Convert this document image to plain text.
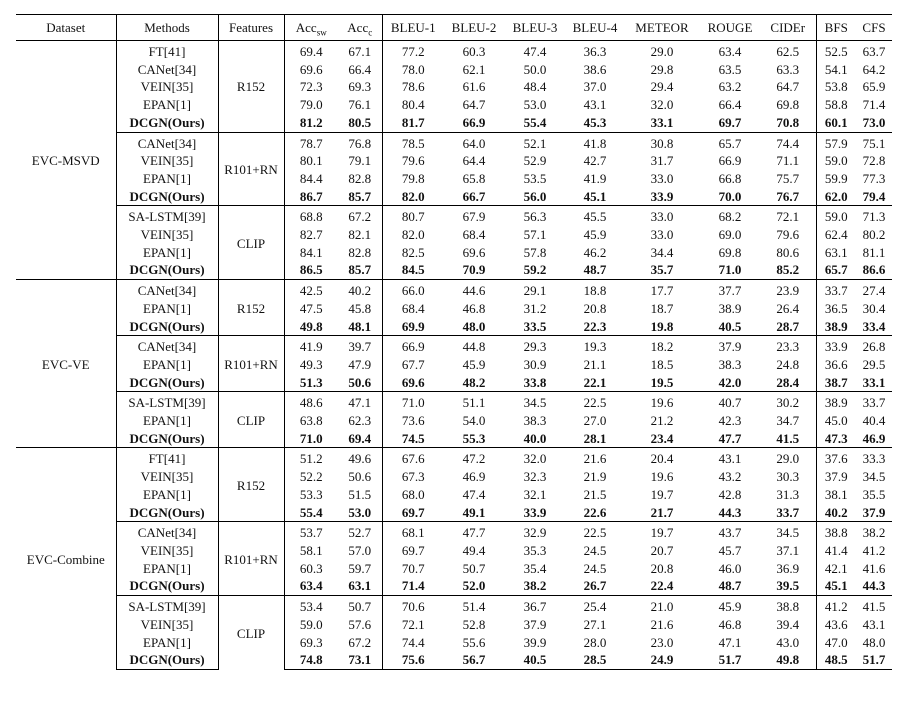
Dataset	Methods	Features	Acc$_{sw}$	Acc$_c$	BLEU-1	BLEU-2	BLEU-3	BLEU-4	METEOR	ROUGE	CIDEr	BFS	CFS
EVC-MSVD	FT[41]	R152	69.4	67.1	77.2	60.3	47.4	36.3	29.0	63.4	62.5	52.5	63.7
	CANet[34]		69.6	66.4	78.0	62.1	50.0	38.6	29.8	63.5	63.3	54.1	64.2
	VEIN[35]		72.3	69.3	78.6	61.6	48.4	37.0	29.4	63.2	64.7	53.8	65.9
	EPAN[1]		79.0	76.1	80.4	64.7	53.0	43.1	32.0	66.4	69.8	58.8	71.4
	DCGN(Ours)		81.2	80.5	81.7	66.9	55.4	45.3	33.1	69.7	70.8	60.1	73.0
	CANet[34]	R101+RN	78.7	76.8	78.5	64.0	52.1	41.8	30.8	65.7	74.4	57.9	75.1
	VEIN[35]		80.1	79.1	79.6	64.4	52.9	42.7	31.7	66.9	71.1	59.0	72.8
	EPAN[1]		84.4	82.8	79.8	65.8	53.5	41.9	33.0	66.8	75.7	59.9	77.3
	DCGN(Ours)		86.7	85.7	82.0	66.7	56.0	45.1	33.9	70.0	76.7	62.0	79.4
	SA-LSTM[39]	CLIP	68.8	67.2	80.7	67.9	56.3	45.5	33.0	68.2	72.1	59.0	71.3
	VEIN[35]		82.7	82.1	82.0	68.4	57.1	45.9	33.0	69.0	79.6	62.4	80.2
	EPAN[1]		84.1	82.8	82.5	69.6	57.8	46.2	34.4	69.8	80.6	63.1	81.1
	DCGN(Ours)		86.5	85.7	84.5	70.9	59.2	48.7	35.7	71.0	85.2	65.7	86.6
EVC-VE	CANet[34]	R152	42.5	40.2	66.0	44.6	29.1	18.8	17.7	37.7	23.9	33.7	27.4
	EPAN[1]		47.5	45.8	68.4	46.8	31.2	20.8	18.7	38.9	26.4	36.5	30.4
	DCGN(Ours)		49.8	48.1	69.9	48.0	33.5	22.3	19.8	40.5	28.7	38.9	33.4
	CANet[34]	R101+RN	41.9	39.7	66.9	44.8	29.3	19.3	18.2	37.9	23.3	33.9	26.8
	EPAN[1]		49.3	47.9	67.7	45.9	30.9	21.1	18.5	38.3	24.8	36.6	29.5
	DCGN(Ours)		51.3	50.6	69.6	48.2	33.8	22.1	19.5	42.0	28.4	38.7	33.1
	SA-LSTM[39]	CLIP	48.6	47.1	71.0	51.1	34.5	22.5	19.6	40.7	30.2	38.9	33.7
	EPAN[1]		63.8	62.3	73.6	54.0	38.3	27.0	21.2	42.3	34.7	45.0	40.4
	DCGN(Ours)		71.0	69.4	74.5	55.3	40.0	28.1	23.4	47.7	41.5	47.3	46.9
EVC-Combine	FT[41]	R152	51.2	49.6	67.6	47.2	32.0	21.6	20.4	43.1	29.0	37.6	33.3
	VEIN[35]		52.2	50.6	67.3	46.9	32.3	21.9	19.6	43.2	30.3	37.9	34.5
	EPAN[1]		53.3	51.5	68.0	47.4	32.1	21.5	19.7	42.8	31.3	38.1	35.5
	DCGN(Ours)		55.4	53.0	69.7	49.1	33.9	22.6	21.7	44.3	33.7	40.2	37.9
	CANet[34]	R101+RN	53.7	52.7	68.1	47.7	32.9	22.5	19.7	43.7	34.5	38.8	38.2
	VEIN[35]		58.1	57.0	69.7	49.4	35.3	24.5	20.7	45.7	37.1	41.4	41.2
	EPAN[1]		60.3	59.7	70.7	50.7	35.4	24.5	20.8	46.0	36.9	42.1	41.6
	DCGN(Ours)		63.4	63.1	71.4	52.0	38.2	26.7	22.4	48.7	39.5	45.1	44.3
	SA-LSTM[39]	CLIP	53.4	50.7	70.6	51.4	36.7	25.4	21.0	45.9	38.8	41.2	41.5
	VEIN[35]		59.0	57.6	72.1	52.8	37.9	27.1	21.6	46.8	39.4	43.6	43.1
	EPAN[1]		69.3	67.2	74.4	55.6	39.9	28.0	23.0	47.1	43.0	47.0	48.0
	DCGN(Ours)		74.8	73.1	75.6	56.7	40.5	28.5	24.9	51.7	49.8	48.5	51.7
